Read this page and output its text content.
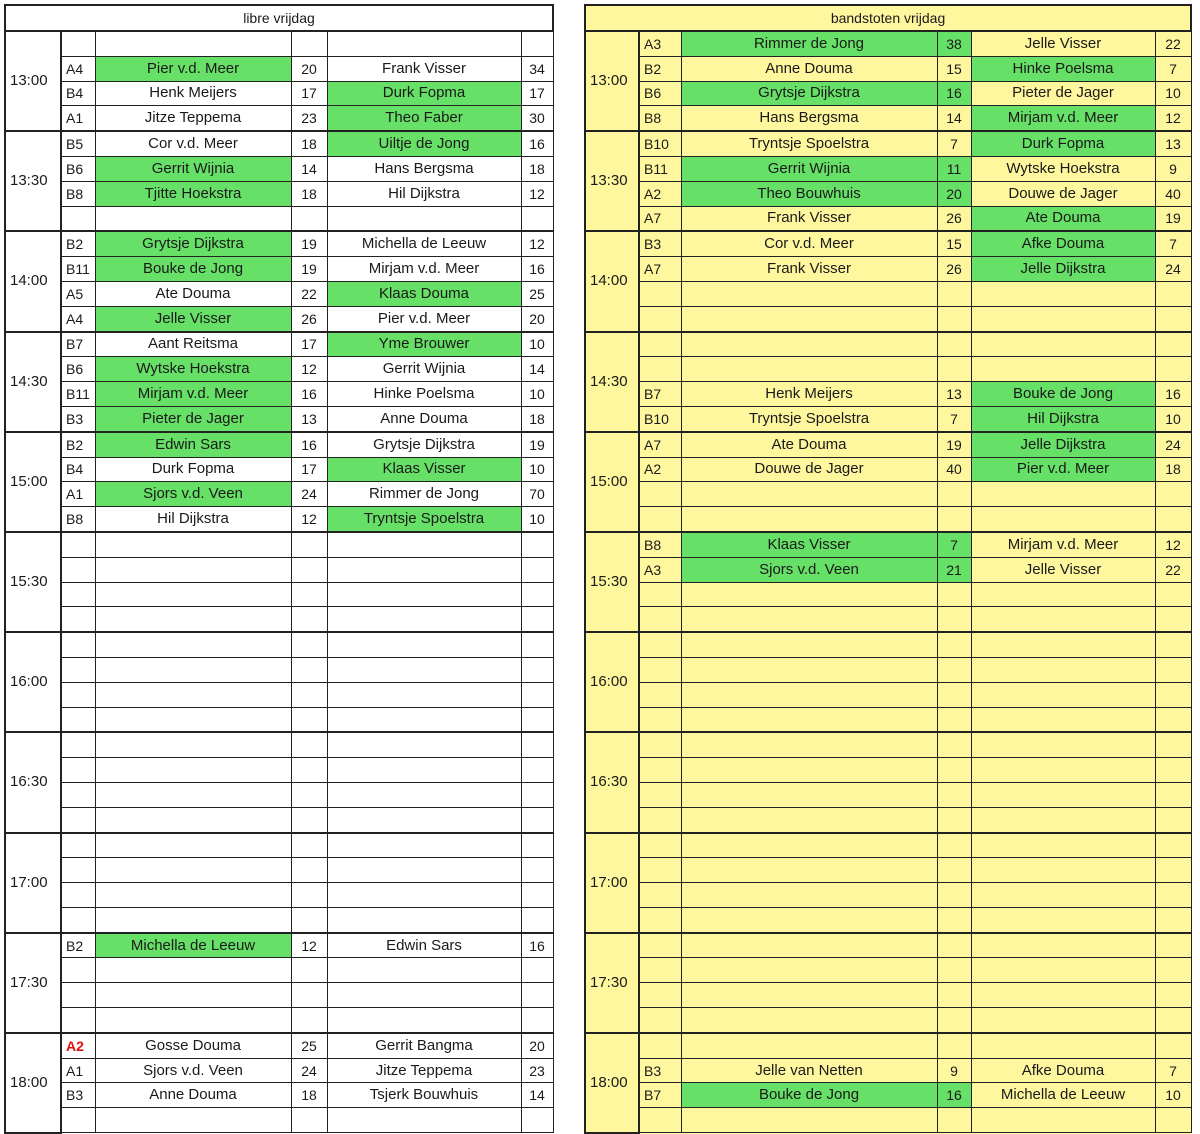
libre vrijdag					
13:00					
	A4	Pier v.d. Meer	20	Frank Visser	34
	B4	Henk Meijers	17	Durk Fopma	17
	A1	Jitze Teppema	23	Theo Faber	30
13:30	B5	Cor v.d. Meer	18	Uiltje de Jong	16
	B6	Gerrit Wijnia	14	Hans Bergsma	18
	B8	Tjitte Hoekstra	18	Hil Dijkstra	12

14:00	B2	Grytsje Dijkstra	19	Michella de Leeuw	12
	B11	Bouke de Jong	19	Mirjam v.d. Meer	16
	A5	Ate Douma	22	Klaas Douma	25
	A4	Jelle Visser	26	Pier v.d. Meer	20
14:30	B7	Aant Reitsma	17	Yme Brouwer	10
	B6	Wytske Hoekstra	12	Gerrit Wijnia	14
	B11	Mirjam v.d. Meer	16	Hinke Poelsma	10
	B3	Pieter de Jager	13	Anne Douma	18
15:00	B2	Edwin Sars	16	Grytsje Dijkstra	19
	B4	Durk Fopma	17	Klaas Visser	10
	A1	Sjors v.d. Veen	24	Rimmer de Jong	70
	B8	Hil Dijkstra	12	Tryntsje Spoelstra	10
15:30					

16:00					

16:30					

17:00					

17:30	B2	Michella de Leeuw	12	Edwin Sars	16

18:00	A2	Gosse Douma	25	Gerrit Bangma	20
	A1	Sjors v.d. Veen	24	Jitze Teppema	23
	B3	Anne Douma	18	Tsjerk Bouwhuis	14

bandstoten vrijdag					
13:00	A3	Rimmer de Jong	38	Jelle Visser	22
	B2	Anne Douma	15	Hinke Poelsma	7
	B6	Grytsje Dijkstra	16	Pieter de Jager	10
	B8	Hans Bergsma	14	Mirjam v.d. Meer	12
13:30	B10	Tryntsje Spoelstra	7	Durk Fopma	13
	B11	Gerrit Wijnia	11	Wytske Hoekstra	9
	A2	Theo Bouwhuis	20	Douwe de Jager	40
	A7	Frank Visser	26	Ate Douma	19
14:00	B3	Cor v.d. Meer	15	Afke Douma	7
	A7	Frank Visser	26	Jelle Dijkstra	24

14:30					

	B7	Henk Meijers	13	Bouke de Jong	16
	B10	Tryntsje Spoelstra	7	Hil Dijkstra	10
15:00	A7	Ate Douma	19	Jelle Dijkstra	24
	A2	Douwe de Jager	40	Pier v.d. Meer	18

15:30	B8	Klaas Visser	7	Mirjam v.d. Meer	12
	A3	Sjors v.d. Veen	21	Jelle Visser	22

16:00					

16:30					

17:00					

17:30					

18:00					
	B3	Jelle van Netten	9	Afke Douma	7
	B7	Bouke de Jong	16	Michella de Leeuw	10
